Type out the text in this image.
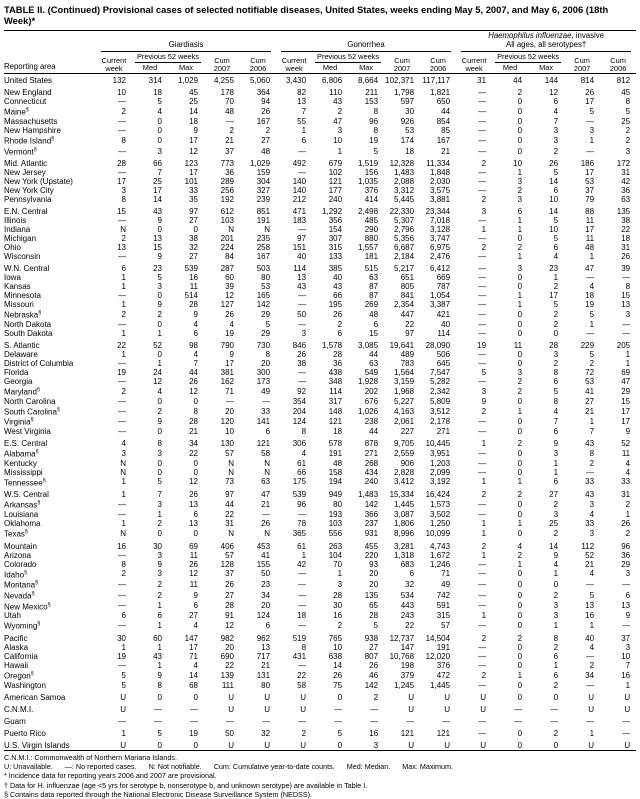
TABLE II. (Continued) Provisional cases of selected notifiable diseases, United States, weeks ending May 5, 2007, and May 6, 2006 (18th Week)*
Reporting area	Giardiasis					Gonorrhea					Haemophilus influenzae, invasive
All ages, all serotypes†				

	Current
week	Previous 52 weeks		Cum
2007	Cum
2006	Current
week	Previous 52 weeks		Cum
2007	Cum
2006	Current
week	Previous 52 weeks		Cum
2007	Cum
2006

		Med	Max				Med	Max				Med	Max		
United States	132	314	1,029	4,255	5,060	3,430	6,806	8,664	102,371	117,117	31	44	144	814	812

New England	10	18	45	178	364	82	110	211	1,798	1,821	—	2	12	26	45
Connecticut	—	5	25	70	94	13	43	153	597	650	—	0	6	17	8
Maine§	2	4	14	48	26	7	2	8	30	44	—	0	4	5	5
Massachusetts	—	0	18	—	167	55	47	96	926	854	—	0	7	—	25
New Hampshire	—	0	9	2	2	1	3	8	53	85	—	0	3	3	2
Rhode Island§	8	0	17	21	27	6	10	19	174	167	—	0	3	1	2
Vermont§	—	3	12	37	48	—	1	5	18	21	—	0	2	—	3

Mid. Atlantic	28	66	123	773	1,029	492	679	1,519	12,328	11,334	2	10	26	186	172
New Jersey	—	7	17	36	159	—	102	156	1,483	1,848	—	1	5	17	31
New York (Upstate)	17	25	101	289	304	140	121	1,035	2,088	2,030	—	3	14	53	42
New York City	3	17	33	256	327	140	177	376	3,312	3,575	—	2	6	37	36
Pennsylvania	8	14	35	192	239	212	240	414	5,445	3,881	2	3	10	79	63

E.N. Central	15	43	97	612	851	471	1,292	2,498	22,330	23,344	3	6	14	88	135
Illinois	—	9	27	103	191	183	356	485	5,307	7,018	—	1	5	11	38
Indiana	N	0	0	N	N	—	154	290	2,796	3,128	1	1	10	17	22
Michigan	2	13	38	201	235	97	307	880	5,356	3,747	—	0	5	11	18
Ohio	13	15	32	224	258	151	315	1,557	6,687	6,975	2	2	6	48	31
Wisconsin	—	9	27	84	167	40	133	181	2,184	2,476	—	1	4	1	26

W.N. Central	6	23	539	287	503	114	385	515	5,217	6,412	—	3	23	47	39
Iowa	1	5	16	60	80	13	40	63	651	669	—	0	1	—	—
Kansas	1	3	11	39	53	43	43	87	805	787	—	0	2	4	8
Minnesota	—	0	514	12	165	—	66	87	841	1,054	—	1	17	18	15
Missouri	1	9	28	127	142	—	195	269	2,354	3,387	—	1	5	19	13
Nebraska§	2	2	9	26	29	50	26	48	447	421	—	0	2	5	3
North Dakota	—	0	4	4	5	—	2	6	22	40	—	0	2	1	—
South Dakota	1	1	6	19	29	3	6	15	97	114	—	0	0	—	—

S. Atlantic	22	52	98	790	730	846	1,578	3,085	19,641	28,090	19	11	28	229	205
Delaware	1	0	4	9	8	26	28	44	489	506	—	0	3	5	1
District of Columbia	—	1	7	17	20	38	36	63	783	645	—	0	2	2	1
Florida	19	24	44	381	300	—	438	549	1,564	7,547	5	3	8	72	69
Georgia	—	12	26	162	173	—	348	1,928	3,159	5,282	—	2	6	53	47
Maryland§	2	4	12	71	49	92	114	202	1,968	2,342	3	2	5	41	29
North Carolina	—	0	0	—	—	354	317	676	5,227	5,809	9	0	8	27	15
South Carolina§	—	2	8	20	33	204	148	1,026	4,163	3,512	2	1	4	21	17
Virginia§	—	9	28	120	141	124	121	238	2,061	2,178	—	0	7	1	17
West Virginia	—	0	21	10	6	8	18	44	227	271	—	0	6	7	9

E.S. Central	4	8	34	130	121	306	578	878	9,705	10,445	1	2	9	43	52
Alabama§	3	3	22	57	58	4	191	271	2,559	3,951	—	0	3	8	11
Kentucky	N	0	0	N	N	61	48	268	906	1,203	—	0	1	2	4
Mississippi	N	0	0	N	N	66	158	434	2,828	2,099	—	0	1	—	4
Tennessee§	1	5	12	73	63	175	194	240	3,412	3,192	1	1	6	33	33

W.S. Central	1	7	26	97	47	539	949	1,483	15,334	16,424	2	2	27	43	31
Arkansas§	—	3	13	44	21	96	80	142	1,445	1,573	—	0	2	3	2
Louisiana	—	1	6	22	—	—	193	366	3,087	3,502	—	0	3	4	1
Oklahoma	1	2	13	31	26	78	103	237	1,806	1,250	1	1	25	33	26
Texas§	N	0	0	N	N	365	556	931	8,996	10,099	1	0	2	3	2

Mountain	16	30	69	406	453	61	263	455	3,281	4,743	2	4	14	112	96
Arizona	—	3	11	57	41	1	104	220	1,318	1,672	1	2	9	52	36
Colorado	8	9	26	128	155	42	70	93	683	1,246	—	1	4	21	29
Idaho§	2	3	12	37	50	—	1	20	6	71	—	0	1	4	3
Montana§	—	2	11	26	23	—	3	20	32	49	—	0	0	—	—
Nevada§	—	2	9	27	34	—	28	135	534	742	—	0	2	5	6
New Mexico§	—	1	6	28	20	—	30	65	443	591	—	0	3	13	13
Utah	6	6	27	91	124	18	16	28	243	315	1	0	3	16	9
Wyoming§	—	1	4	12	6	—	2	5	22	57	—	0	1	1	—

Pacific	30	60	147	982	962	519	765	938	12,737	14,504	2	2	8	40	37
Alaska	1	1	17	20	13	8	10	27	147	191	—	0	2	4	3
California	19	43	71	690	717	431	638	807	10,768	12,020	—	0	6	—	10
Hawaii	—	1	4	22	21	—	14	26	198	376	—	0	1	2	7
Oregon§	5	9	14	139	131	22	26	46	379	472	2	1	6	34	16
Washington	5	8	68	111	80	58	75	142	1,245	1,445	—	0	2	—	1

American Samoa	U	0	0	U	U	U	0	2	U	U	U	0	0	U	U

C.N.M.I.	U	—	—	U	U	U	—	—	U	U	U	—	—	U	U

Guam	—	—	—	—	—	—	—	—	—	—	—	—	—	—	—

Puerto Rico	1	5	19	50	32	2	5	16	121	121	—	0	2	1	—

U.S. Virgin Islands	U	0	0	U	U	U	0	3	U	U	U	0	0	U	U
C.N.M.I.: Commonwealth of Northern Mariana Islands.
U: Unavailable.      —: No reported cases.      N: Not notifiable.      Cum: Cumulative year-to-date counts.      Med: Median.      Max: Maximum.
* Incidence data for reporting years 2006 and 2007 are provisional.
† Data for H. influenzae (age <5 yrs for serotype b, nonserotype b, and unknown serotype) are available in Table I.
§ Contains data reported through the National Electronic Disease Surveillance System (NEDSS).
